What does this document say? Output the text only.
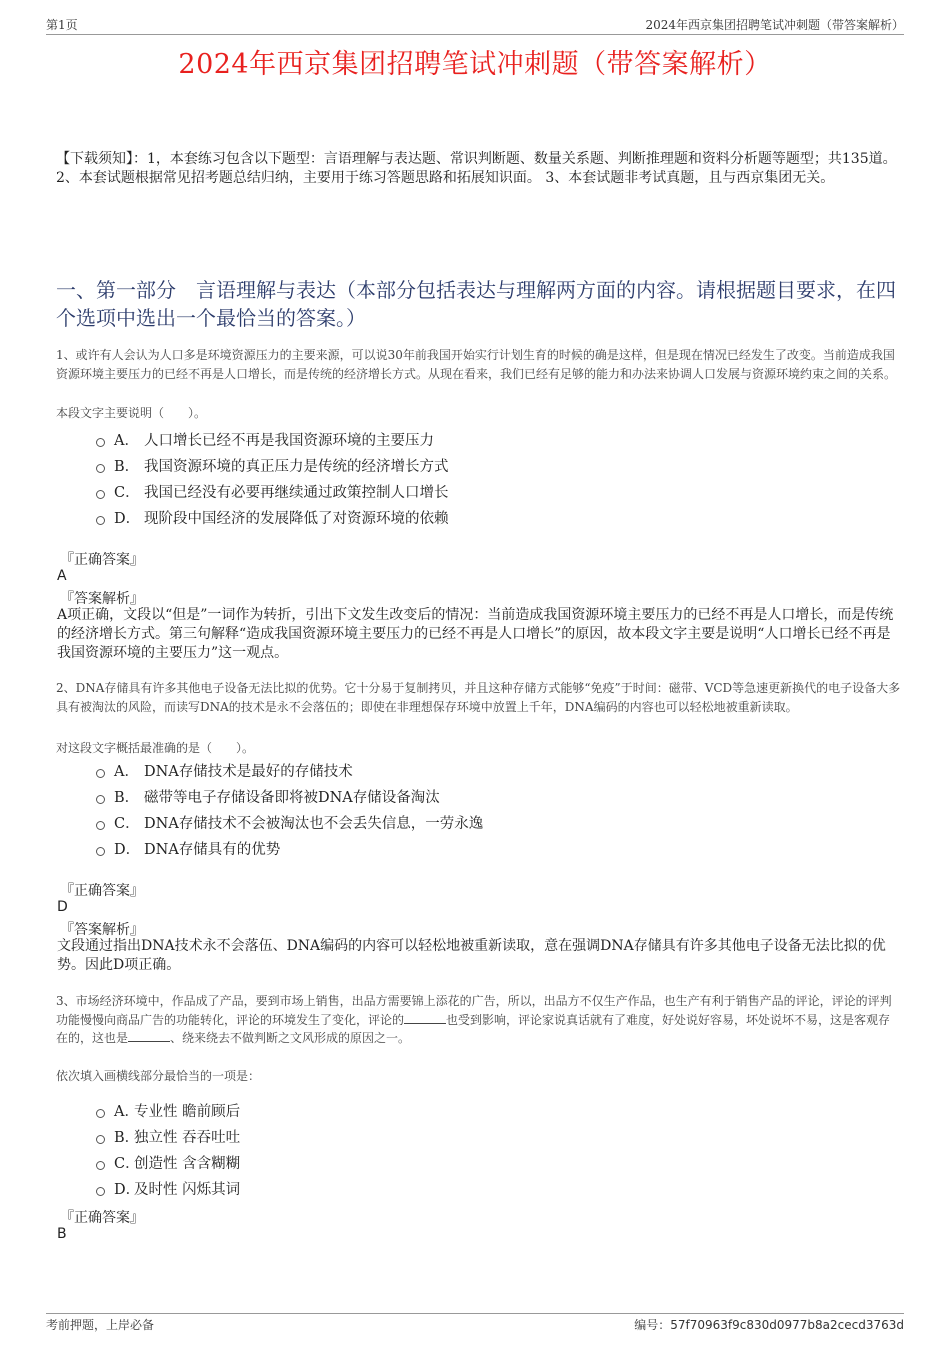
第1页	2024年西京集团招聘笔试冲刺题（带答案解析）
2024年西京集团招聘笔试冲刺题（带答案解析）
【下载须知】：1，本套练习包含以下题型：言语理解与表达题、常识判断题、数量关系题、判断推理题和资料分析题等题型；共135道。 2、本套试题根据常见招考题总结归纳，主要用于练习答题思路和拓展知识面。 3、本套试题非考试真题，且与西京集团无关。
一、第一部分　言语理解与表达（本部分包括表达与理解两方面的内容。请根据题目要求，在四个选项中选出一个最恰当的答案。）
1、或许有人会认为人口多是环境资源压力的主要来源，可以说30年前我国开始实行计划生育的时候的确是这样，但是现在情况已经发生了改变。当前造成我国资源环境主要压力的已经不再是人口增长，而是传统的经济增长方式。从现在看来，我们已经有足够的能力和办法来协调人口发展与资源环境约束之间的关系。
本段文字主要说明（　　）。
A． 人口增长已经不再是我国资源环境的主要压力
B． 我国资源环境的真正压力是传统的经济增长方式
C． 我国已经没有必要再继续通过政策控制人口增长
D． 现阶段中国经济的发展降低了对资源环境的依赖
『正确答案』
A
『答案解析』
A项正确，文段以“但是”一词作为转折，引出下文发生改变后的情况：当前造成我国资源环境主要压力的已经不再是人口增长，而是传统的经济增长方式。第三句解释“造成我国资源环境主要压力的已经不再是人口增长”的原因，故本段文字主要是说明“人口增长已经不再是我国资源环境的主要压力”这一观点。
2、DNA存储具有许多其他电子设备无法比拟的优势。它十分易于复制拷贝，并且这种存储方式能够“免疫”于时间：磁带、VCD等急速更新换代的电子设备大多具有被淘汰的风险，而读写DNA的技术是永不会落伍的；即使在非理想保存环境中放置上千年，DNA编码的内容也可以轻松地被重新读取。
对这段文字概括最准确的是（　　）。
A． DNA存储技术是最好的存储技术
B． 磁带等电子存储设备即将被DNA存储设备淘汰
C． DNA存储技术不会被淘汰也不会丢失信息，一劳永逸
D． DNA存储具有的优势
『正确答案』
D
『答案解析』
文段通过指出DNA技术永不会落伍、DNA编码的内容可以轻松地被重新读取，意在强调DNA存储具有许多其他电子设备无法比拟的优势。因此D项正确。
3、市场经济环境中，作品成了产品，要到市场上销售，出品方需要锦上添花的广告，所以，出品方不仅生产作品，也生产有利于销售产品的评论，评论的评判功能慢慢向商品广告的功能转化，评论的环境发生了变化，评论的	也受到影响，评论家说真话就有了难度，好处说好容易，坏处说坏不易，这是客观存在的，这也是	、绕来绕去不做判断之文风形成的原因之一。
依次填入画横线部分最恰当的一项是：
A．
专业性 瞻前顾后
B．
独立性 吞吞吐吐
C．
创造性 含含糊糊
D．
及时性 闪烁其词
『正确答案』
B
考前押题，上岸必备	编号：57f70963f9c830d0977b8a2cecd3763d
